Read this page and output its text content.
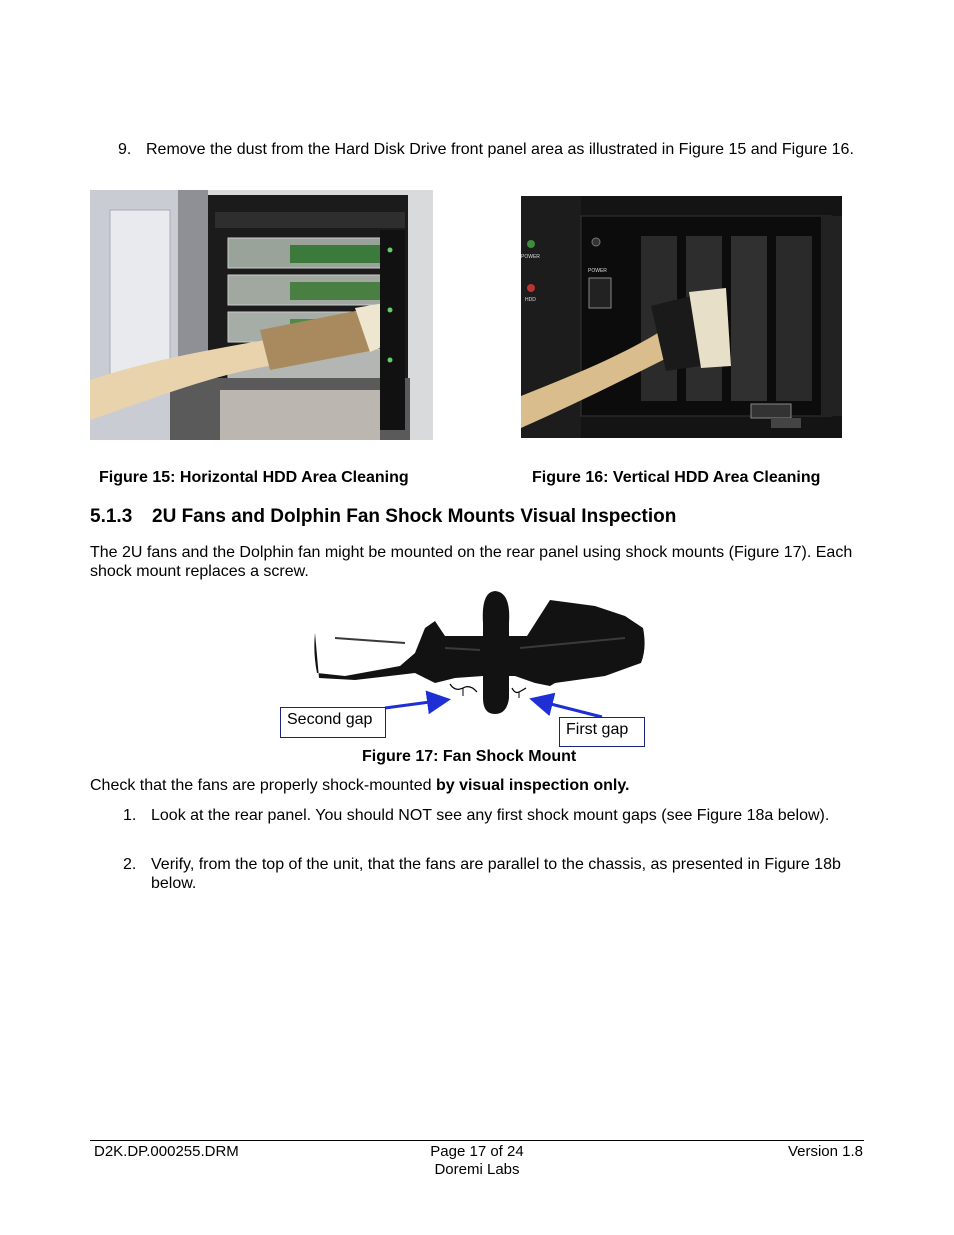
9. Remove the dust from the Hard Disk Drive front panel area as illustrated in Figure 15 and Figure 16.
POWER
POWER
HDD
Figure 15: Horizontal HDD Area Cleaning	Figure 16: Vertical HDD Area Cleaning
5.1.3 2U Fans and Dolphin Fan Shock Mounts Visual Inspection
The 2U fans and the Dolphin fan might be mounted on the rear panel using shock mounts (Figure 17). Each shock mount replaces a screw.
Second gap
First gap
Figure 17: Fan Shock Mount
Check that the fans are properly shock-mounted by visual inspection only.
1. Look at the rear panel. You should NOT see any first shock mount gaps (see Figure 18a below).
2. Verify, from the top of the unit, that the fans are parallel to the chassis, as presented in Figure 18b below.
D2K.DP.000255.DRM	Page 17 of 24
Doremi Labs
Version 1.8
